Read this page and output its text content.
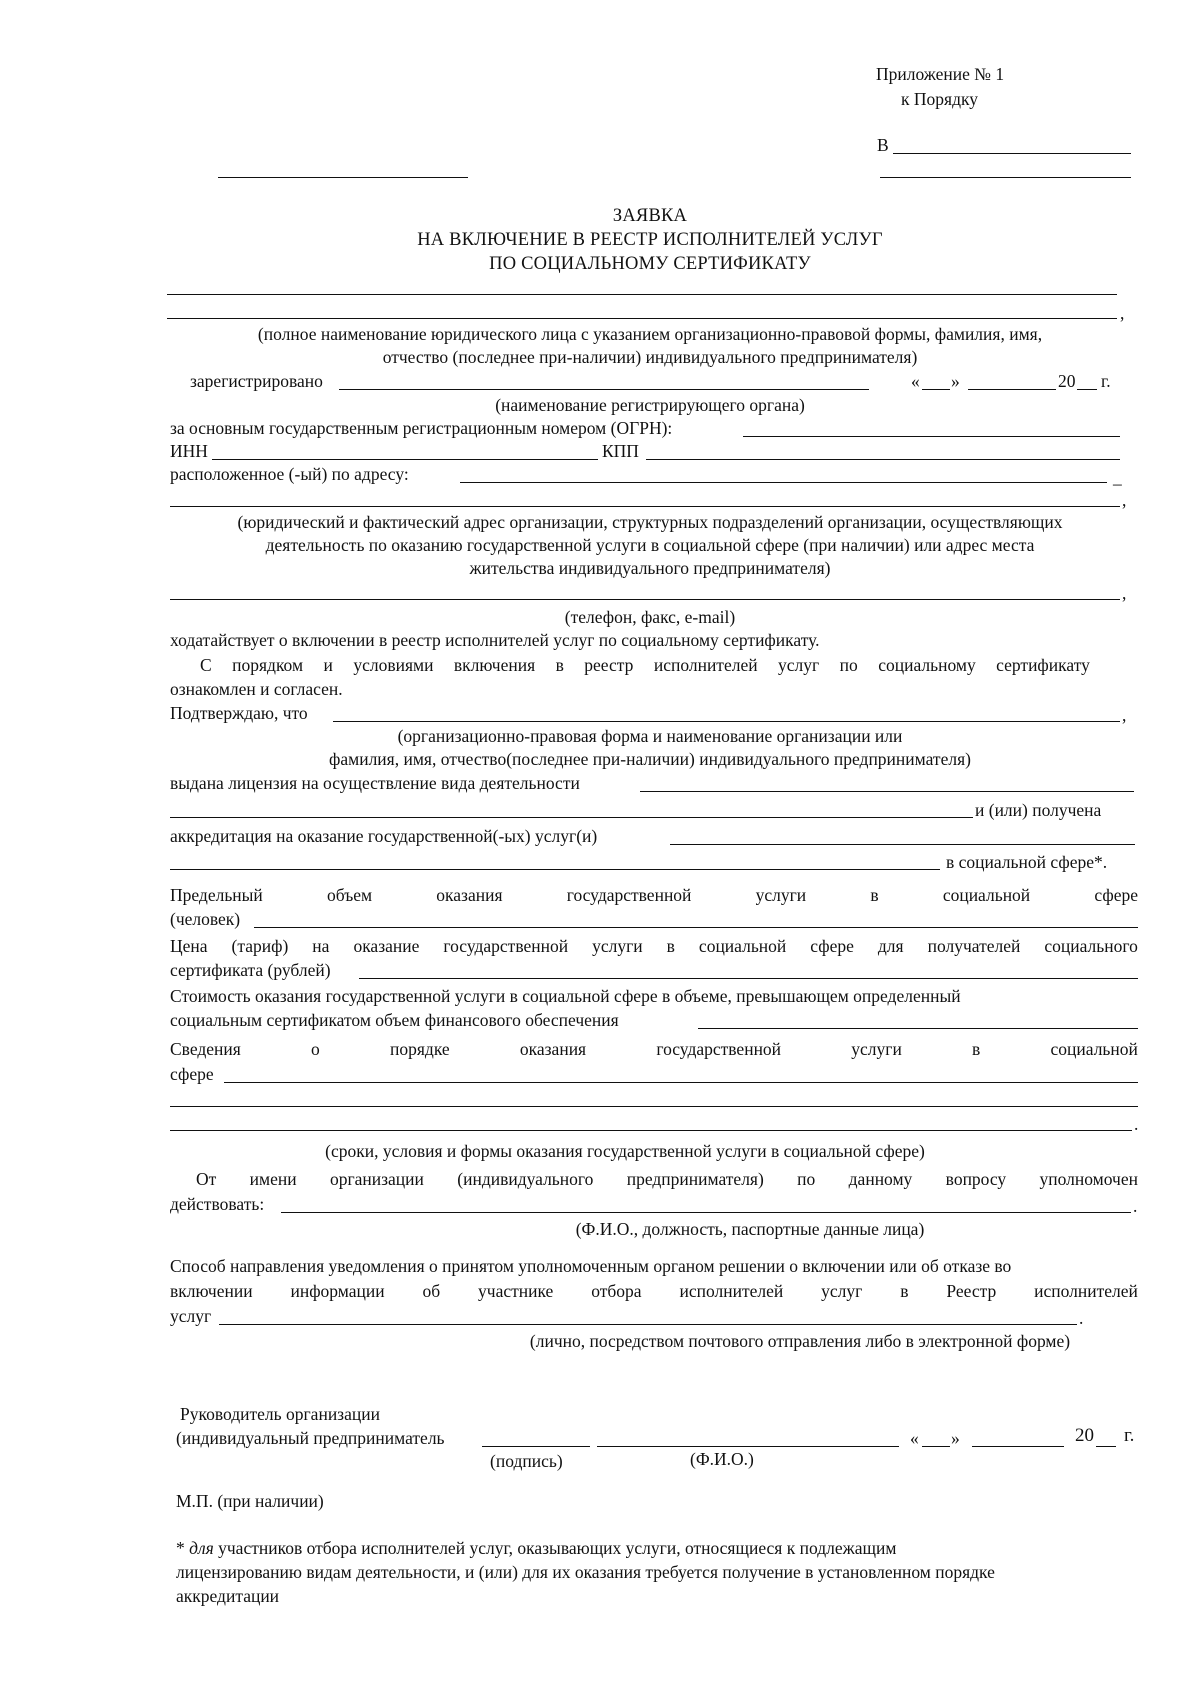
Приложение № 1
к Порядку
В
ЗАЯВКА
НА ВКЛЮЧЕНИЕ В РЕЕСТР ИСПОЛНИТЕЛЕЙ УСЛУГ
ПО СОЦИАЛЬНОМУ СЕРТИФИКАТУ
,
(полное наименование юридического лица с указанием организационно-правовой формы, фамилия, имя,
отчество (последнее при-наличии) индивидуального предпринимателя)
зарегистрировано	« »	20 г.
(наименование регистрирующего органа)
за основным государственным регистрационным номером (ОГРН):
ИНН	КПП
расположенное (-ый) по адресу:	_
,
(юридический и фактический адрес организации, структурных подразделений организации, осуществляющих
деятельность по оказанию государственной услуги в социальной сфере (при наличии) или адрес места
жительства индивидуального предпринимателя)
,
(телефон, факс, e-mail)
ходатайствует о включении в реестр исполнителей услуг по социальному сертификату.
С порядком и условиями включения в реестр исполнителей услуг по социальному сертификату
ознакомлен и согласен.
Подтверждаю, что	,
(организационно-правовая форма и наименование организации или
фамилия, имя, отчество(последнее при-наличии) индивидуального предпринимателя)
выдана лицензия на осуществление вида деятельности
и (или) получена
аккредитация на оказание государственной(-ых) услуг(и)
в социальной сфере*.
Предельный	объем	оказания	государственной	услуги	в	социальной	сфере
(человек)
Цена (тариф) на оказание государственной услуги в социальной сфере для получателей социального
сертификата (рублей)
Стоимость оказания государственной услуги в социальной сфере в объеме, превышающем определенный
социальным сертификатом объем финансового обеспечения
Сведения	о	порядке	оказания	государственной	услуги	в	социальной
сфере
.
(сроки, условия и формы оказания государственной услуги в социальной сфере)
От имени организации (индивидуального предпринимателя) по данному вопросу уполномочен
действовать:	.
(Ф.И.О., должность, паспортные данные лица)
Способ направления уведомления о принятом уполномоченным органом решении о включении или об отказе во
включении информации об участнике отбора исполнителей услуг в Реестр исполнителей
услуг	.
(лично, посредством почтового отправления либо в электронной форме)
Руководитель организации
(индивидуальный предприниматель	« »	20 г.
(подпись)	(Ф.И.О.)
М.П. (при наличии)
* для участников отбора исполнителей услуг, оказывающих услуги, относящиеся к подлежащим
лицензированию видам деятельности, и (или) для их оказания требуется получение в установленном порядке
аккредитации
